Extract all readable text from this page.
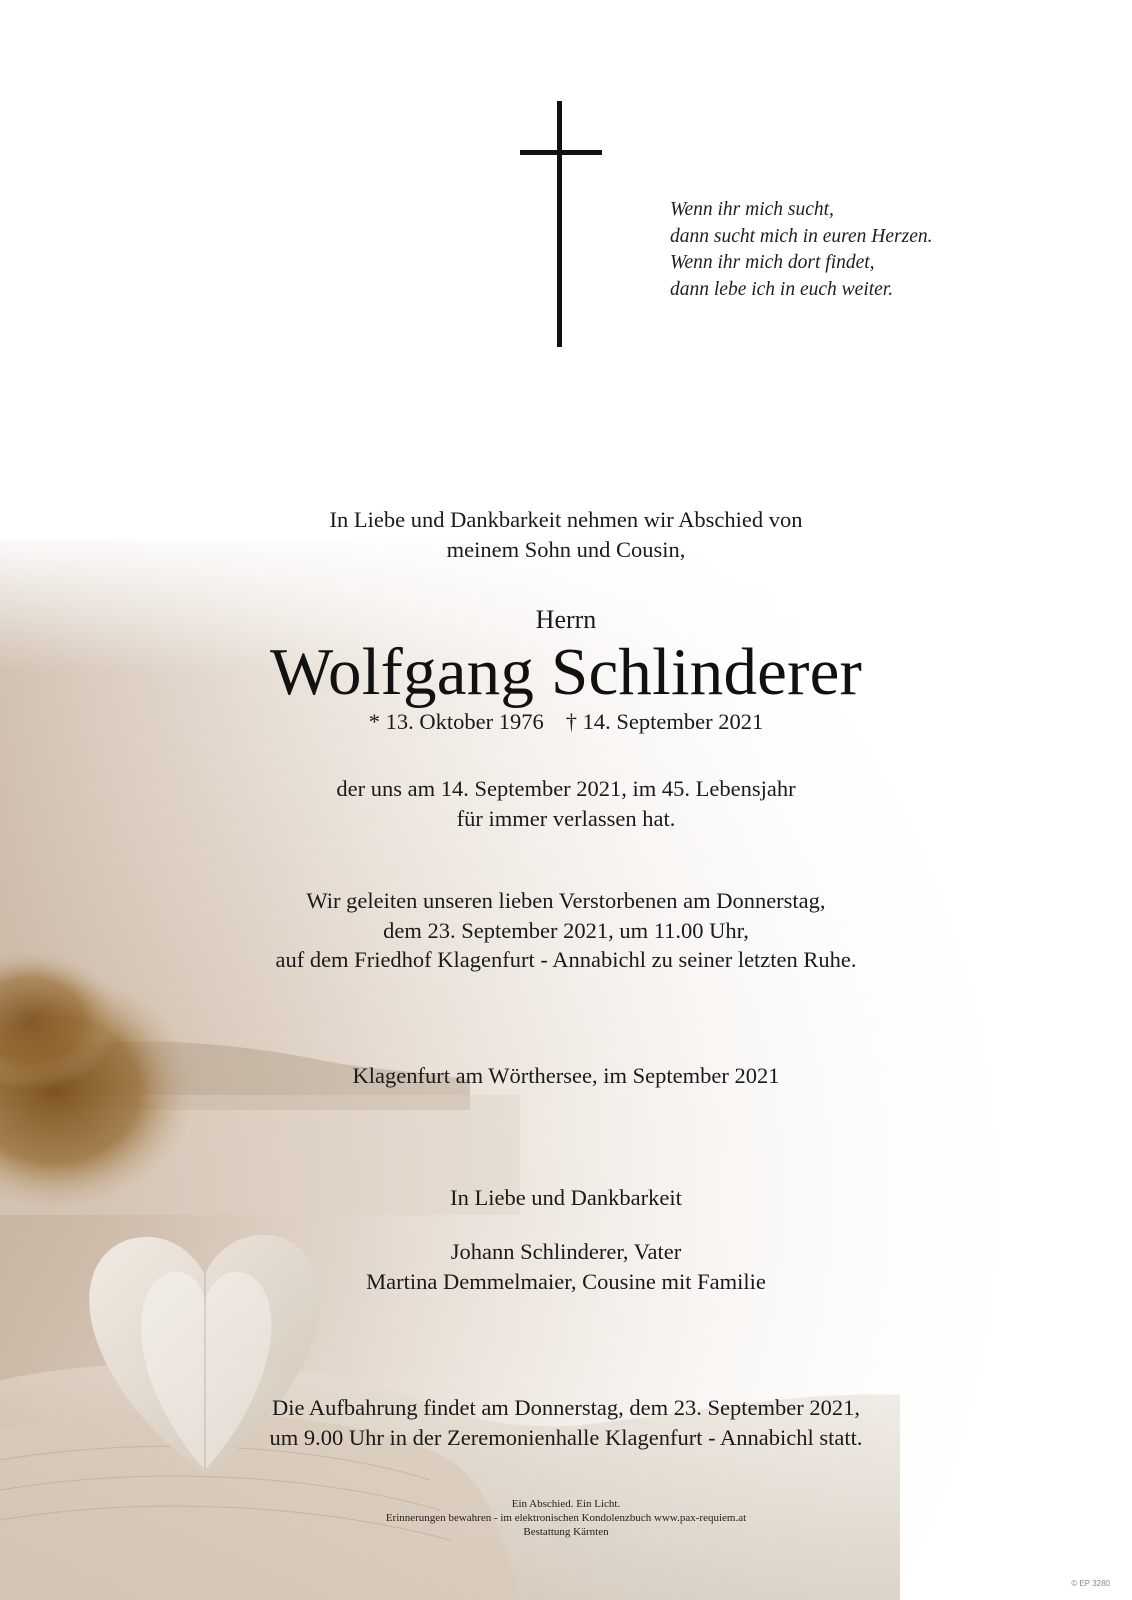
Wenn ihr mich sucht,
dann sucht mich in euren Herzen.
Wenn ihr mich dort findet,
dann lebe ich in euch weiter.
In Liebe und Dankbarkeit nehmen wir Abschied von
meinem Sohn und Cousin,
Herrn
Wolfgang Schlinderer
* 13. Oktober 1976 † 14. September 2021
der uns am 14. September 2021, im 45. Lebensjahr
für immer verlassen hat.
Wir geleiten unseren lieben Verstorbenen am Donnerstag,
dem 23. September 2021, um 11.00 Uhr,
auf dem Friedhof Klagenfurt - Annabichl zu seiner letzten Ruhe.
Klagenfurt am Wörthersee, im September 2021
In Liebe und Dankbarkeit
Johann Schlinderer, Vater
Martina Demmelmaier, Cousine mit Familie
Die Aufbahrung findet am Donnerstag, dem 23. September 2021,
um 9.00 Uhr in der Zeremonienhalle Klagenfurt - Annabichl statt.
Ein Abschied. Ein Licht.
Erinnerungen bewahren - im elektronischen Kondolenzbuch www.pax-requiem.at
Bestattung Kärnten
© EP 3280
